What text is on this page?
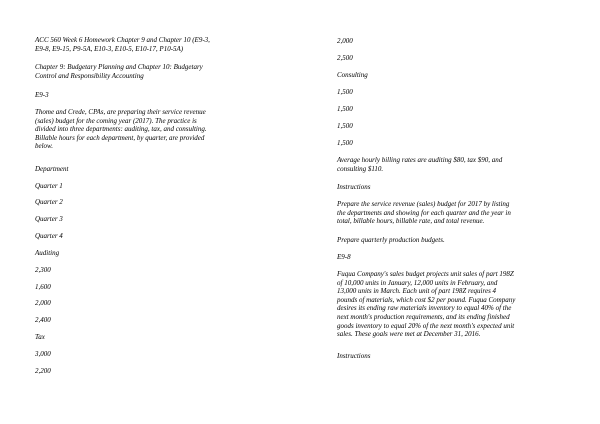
ACC 560 Week 6 Homework Chapter 9 and Chapter 10 (E9-3,

E9-8, E9-15, P9-5A, E10-3, E10-5, E10-17, P10-5A)

Chapter 9: Budgetary Planning and Chapter 10: Budgetary

Control and Responsibility Accounting

E9-3

Thome and Crede, CPAs, are preparing their service revenue

(sales) budget for the coming year (2017). The practice is

divided into three departments: auditing, tax, and consulting.

Billable hours for each department, by quarter, are provided

below.

Department

Quarter 1

Quarter 2

Quarter 3

Quarter 4

Auditing

2,300

1,600

2,000

2,400

Tax

3,000

2,200

2,000

2,500

Consulting

1,500

1,500

1,500

1,500

Average hourly billing rates are auditing $80, tax $90, and

consulting $110.

Instructions

Prepare the service revenue (sales) budget for 2017 by listing

the departments and showing for each quarter and the year in

total, billable hours, billable rate, and total revenue.

Prepare quarterly production budgets.

E9-8

Fuqua Company's sales budget projects unit sales of part 198Z

of 10,000 units in January, 12,000 units in February, and

13,000 units in March. Each unit of part 198Z requires 4

pounds of materials, which cost $2 per pound. Fuqua Company

desires its ending raw materials inventory to equal 40% of the

next month's production requirements, and its ending finished

goods inventory to equal 20% of the next month's expected unit

sales. These goals were met at December 31, 2016.

Instructions
